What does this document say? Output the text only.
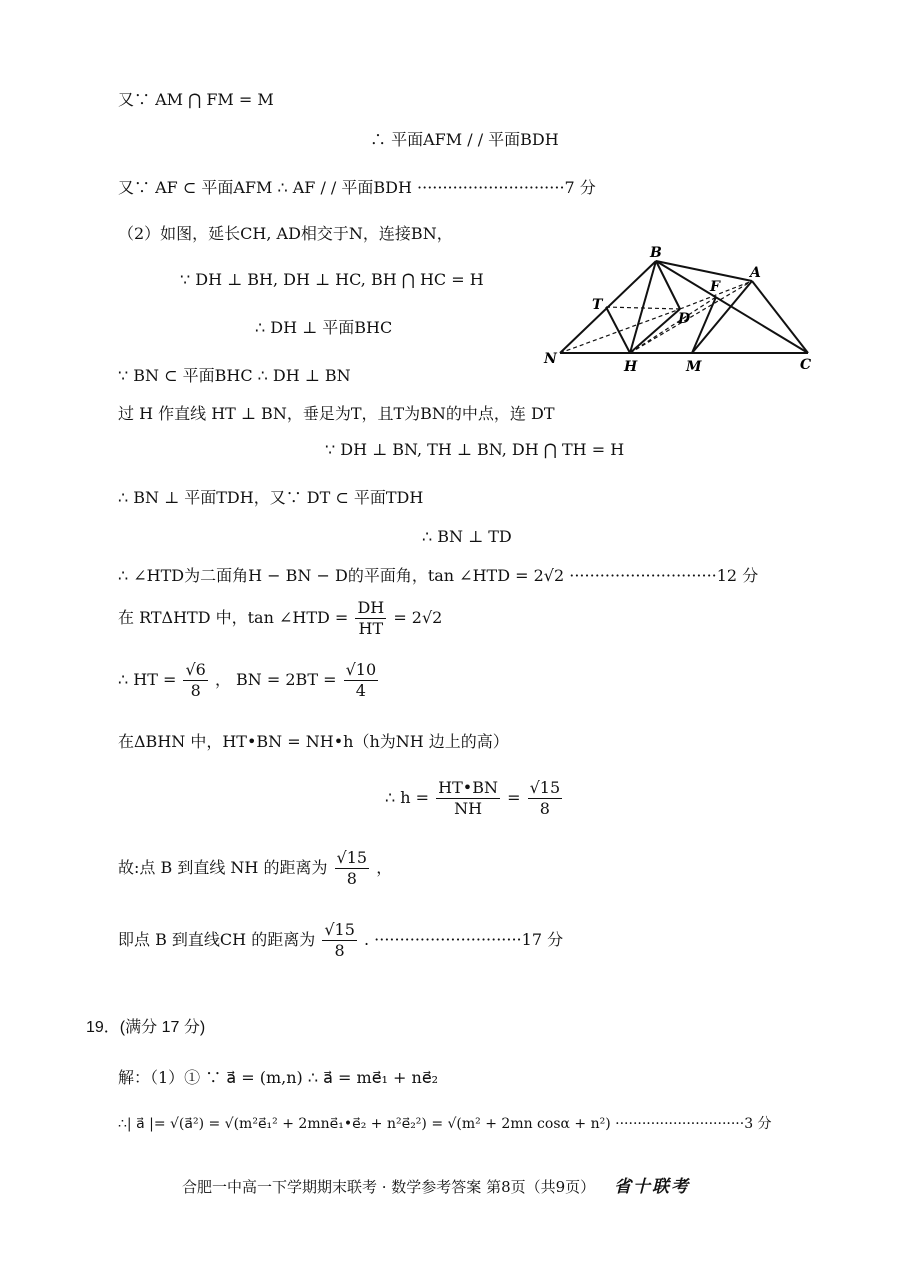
又∵ AM ⋂ FM = M
∴ 平面AFM / / 平面BDH
又∵ AF ⊂ 平面AFM ∴ AF / / 平面BDH ·····························7 分
（2）如图，延长CH, AD相交于N，连接BN，
∵ DH ⊥ BH, DH ⊥ HC, BH ⋂ HC = H
∴ DH ⊥ 平面BHC
∵ BN ⊂ 平面BHC ∴ DH ⊥ BN
过 H 作直线 HT ⊥ BN，垂足为T，且T为BN的中点，连 DT
∵ DH ⊥ BN, TH ⊥ BN, DH ⋂ TH = H
∴ BN ⊥ 平面TDH，又∵ DT ⊂ 平面TDH
∴ BN ⊥ TD
∴ ∠HTD为二面角H − BN − D的平面角，tan ∠HTD = 2√2 ·····························12 分
在 RTΔHTD 中，tan ∠HTD = $\frac{DH}{HT} = 2√2$
∴ HT = $\frac{√6}{8}$ ， BN = $2BT = \frac{√10}{4}$
在ΔBHN 中，HT•BN = NH•h（h为NH 边上的高）
∴ $h = \frac{HT•BN}{NH} = \frac{√15}{8}$
故:点 B 到直线 NH 的距离为 $\frac{√15}{8}$ ，
即点 B 到直线CH 的距离为 $\frac{√15}{8}$ . ·····························17 分
19．(满分 17 分)
解：（1）① ∵ a⃗ = (m,n) ∴ a⃗ = me⃗₁ + ne⃗₂
∴| a⃗ |= √(a⃗²) = √(m²e⃗₁² + 2mne⃗₁•e⃗₂ + n²e⃗₂²) = √(m² + 2mn cosα + n²) ·····························3 分
B
A
F
T
D
N	H	M	C
合肥一中高一下学期期末联考 · 数学参考答案 第8页（共9页） 省十联考
